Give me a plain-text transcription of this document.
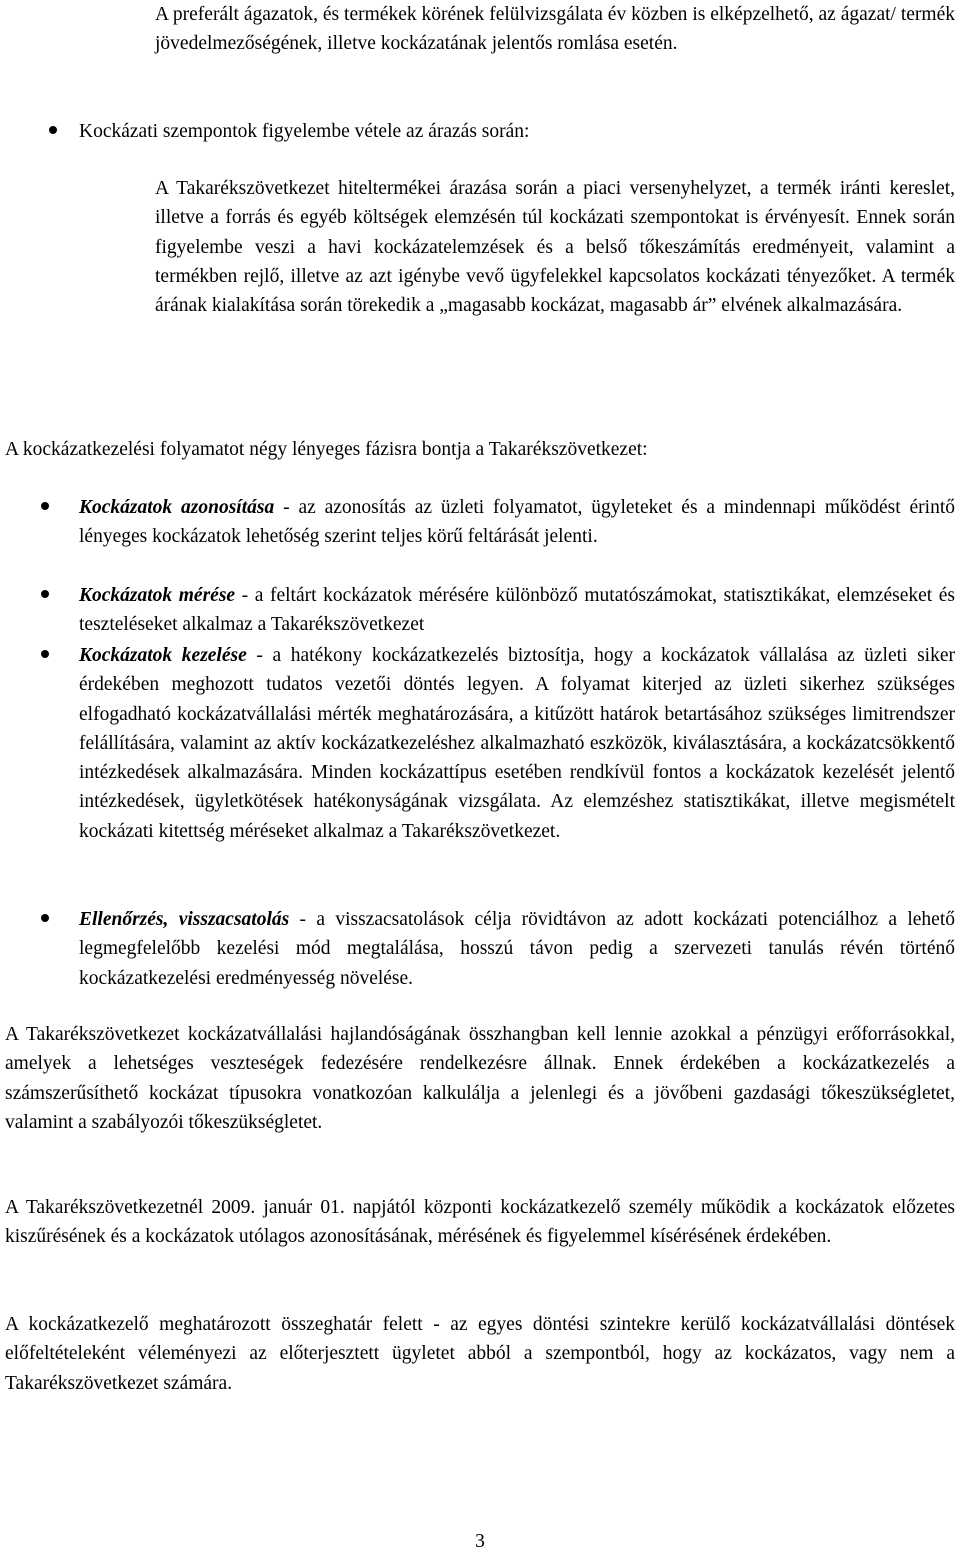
A preferált ágazatok, és termékek körének felülvizsgálata év közben is elképzelhető, az ágazat/ termék jövedelmezőségének, illetve kockázatának jelentős romlása esetén.

Kockázati szempontok figyelembe vétele az árazás során:

A Takarékszövetkezet hiteltermékei árazása során a piaci versenyhelyzet, a termék iránti kereslet, illetve a forrás és egyéb költségek elemzésén túl kockázati szempontokat is érvényesít. Ennek során figyelembe veszi a havi kockázatelemzések és a belső tőkeszámítás eredményeit, valamint a termékben rejlő, illetve az azt igénybe vevő ügyfelekkel kapcsolatos kockázati tényezőket. A termék árának kialakítása során törekedik a „magasabb kockázat, magasabb ár” elvének alkalmazására.

A kockázatkezelési folyamatot négy lényeges fázisra bontja a Takarékszövetkezet:

Kockázatok azonosítása - az azonosítás az üzleti folyamatot, ügyleteket és a mindennapi működést érintő lényeges kockázatok lehetőség szerint teljes körű feltárását jelenti.

Kockázatok mérése - a feltárt kockázatok mérésére különböző mutatószámokat, statisztikákat, elemzéseket és teszteléseket alkalmaz a Takarékszövetkezet

Kockázatok kezelése - a hatékony kockázatkezelés biztosítja, hogy a kockázatok vállalása az üzleti siker érdekében meghozott tudatos vezetői döntés legyen. A folyamat kiterjed az üzleti sikerhez szükséges elfogadható kockázatvállalási mérték meghatározására, a kitűzött határok betartásához szükséges limitrendszer felállítására, valamint az aktív kockázatkezeléshez alkalmazható eszközök, kiválasztására, a kockázatcsökkentő intézkedések alkalmazására. Minden kockázattípus esetében rendkívül fontos a kockázatok kezelését jelentő intézkedések, ügyletkötések hatékonyságának vizsgálata. Az elemzéshez statisztikákat, illetve megismételt kockázati kitettség méréseket alkalmaz a Takarékszövetkezet.

Ellenőrzés, visszacsatolás - a visszacsatolások célja rövidtávon az adott kockázati potenciálhoz a lehető legmegfelelőbb kezelési mód megtalálása, hosszú távon pedig a szervezeti tanulás révén történő kockázatkezelési eredményesség növelése.

A Takarékszövetkezet kockázatvállalási hajlandóságának összhangban kell lennie azokkal a pénzügyi erőforrásokkal, amelyek a lehetséges veszteségek fedezésére rendelkezésre állnak. Ennek érdekében a kockázatkezelés a számszerűsíthető kockázat típusokra vonatkozóan kalkulálja a jelenlegi és a jövőbeni gazdasági tőkeszükségletet, valamint a szabályozói tőkeszükségletet.

A Takarékszövetkezetnél 2009. január 01. napjától központi kockázatkezelő személy működik a kockázatok előzetes kiszűrésének és a kockázatok utólagos azonosításának, mérésének és figyelemmel kísérésének érdekében.

A kockázatkezelő meghatározott összeghatár felett - az egyes döntési szintekre kerülő kockázatvállalási döntések előfeltételeként véleményezi az előterjesztett ügyletet abból a szempontból, hogy az kockázatos, vagy nem a Takarékszövetkezet számára.

3
